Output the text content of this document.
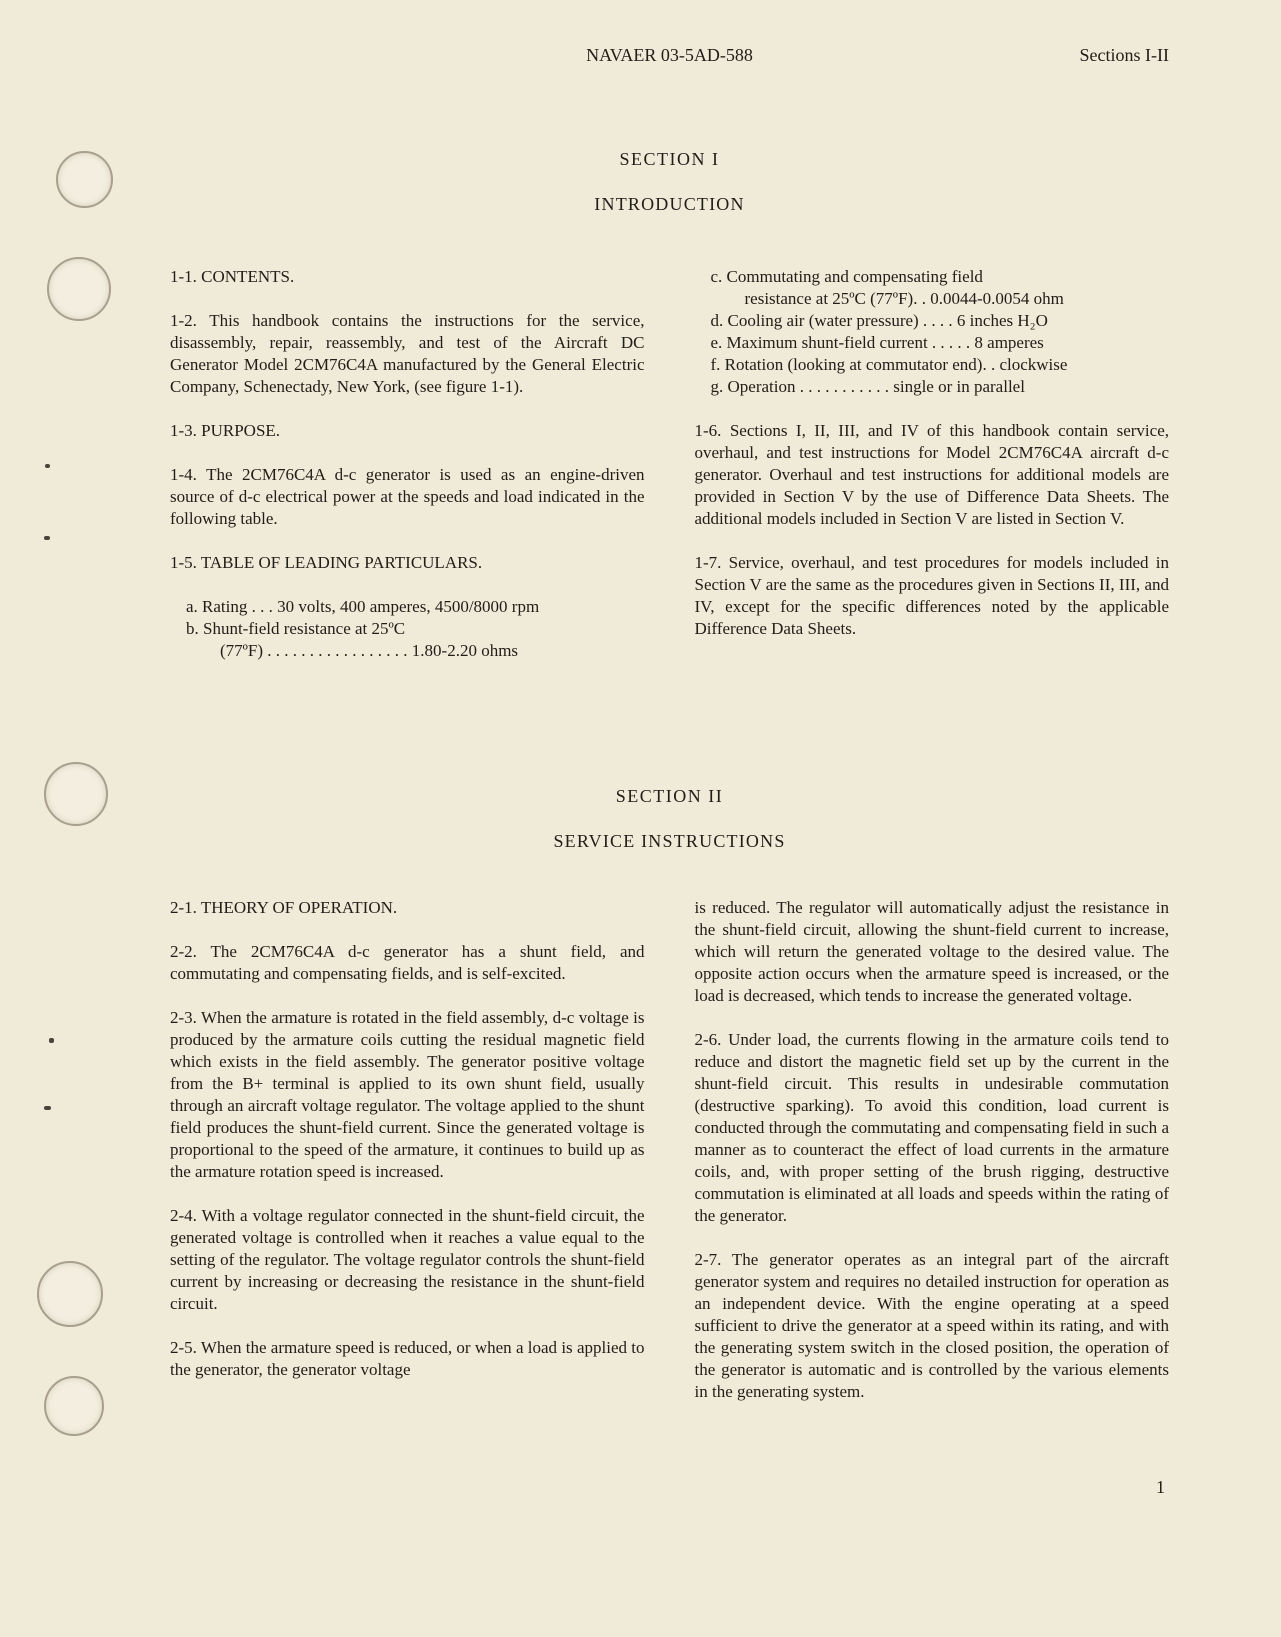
NAVAER 03-5AD-588	Sections I-II
SECTION I
INTRODUCTION

1-1. CONTENTS.

1-2. This handbook contains the instructions for the service, disassembly, repair, reassembly, and test of the Aircraft DC Generator Model 2CM76C4A manufactured by the General Electric Company, Schenectady, New York, (see figure 1-1).

1-3. PURPOSE.

1-4. The 2CM76C4A d-c generator is used as an engine-driven source of d-c electrical power at the speeds and load indicated in the following table.

1-5. TABLE OF LEADING PARTICULARS.

a. Rating . . . 30 volts, 400 amperes, 4500/8000 rpm
b. Shunt-field resistance at 25ºC
(77ºF) . . . . . . . . . . . . . . . . . 1.80-2.20 ohms
c. Commutating and compensating field
resistance at 25ºC (77ºF). . 0.0044-0.0054 ohm
d. Cooling air (water pressure) . . . . 6 inches H₂O
e. Maximum shunt-field current . . . . . 8 amperes
f. Rotation (looking at commutator end). . clockwise
g. Operation . . . . . . . . . . . single or in parallel

1-6. Sections I, II, III, and IV of this handbook contain service, overhaul, and test instructions for Model 2CM76C4A aircraft d-c generator. Overhaul and test instructions for additional models are provided in Section V by the use of Difference Data Sheets. The additional models included in Section V are listed in Section V.

1-7. Service, overhaul, and test procedures for models included in Section V are the same as the procedures given in Sections II, III, and IV, except for the specific differences noted by the applicable Difference Data Sheets.

SECTION II
SERVICE INSTRUCTIONS

2-1. THEORY OF OPERATION.

2-2. The 2CM76C4A d-c generator has a shunt field, and commutating and compensating fields, and is self-excited.

2-3. When the armature is rotated in the field assembly, d-c voltage is produced by the armature coils cutting the residual magnetic field which exists in the field assembly. The generator positive voltage from the B+ terminal is applied to its own shunt field, usually through an aircraft voltage regulator. The voltage applied to the shunt field produces the shunt-field current. Since the generated voltage is proportional to the speed of the armature, it continues to build up as the armature rotation speed is increased.

2-4. With a voltage regulator connected in the shunt-field circuit, the generated voltage is controlled when it reaches a value equal to the setting of the regulator. The voltage regulator controls the shunt-field current by increasing or decreasing the resistance in the shunt-field circuit.

2-5. When the armature speed is reduced, or when a load is applied to the generator, the generator voltage

is reduced. The regulator will automatically adjust the resistance in the shunt-field circuit, allowing the shunt-field current to increase, which will return the generated voltage to the desired value. The opposite action occurs when the armature speed is increased, or the load is decreased, which tends to increase the generated voltage.

2-6. Under load, the currents flowing in the armature coils tend to reduce and distort the magnetic field set up by the current in the shunt-field circuit. This results in undesirable commutation (destructive sparking). To avoid this condition, load current is conducted through the commutating and compensating field in such a manner as to counteract the effect of load currents in the armature coils, and, with proper setting of the brush rigging, destructive commutation is eliminated at all loads and speeds within the rating of the generator.

2-7. The generator operates as an integral part of the aircraft generator system and requires no detailed instruction for operation as an independent device. With the engine operating at a speed sufficient to drive the generator at a speed within its rating, and with the generating system switch in the closed position, the operation of the generator is automatic and is controlled by the various elements in the generating system.

1
